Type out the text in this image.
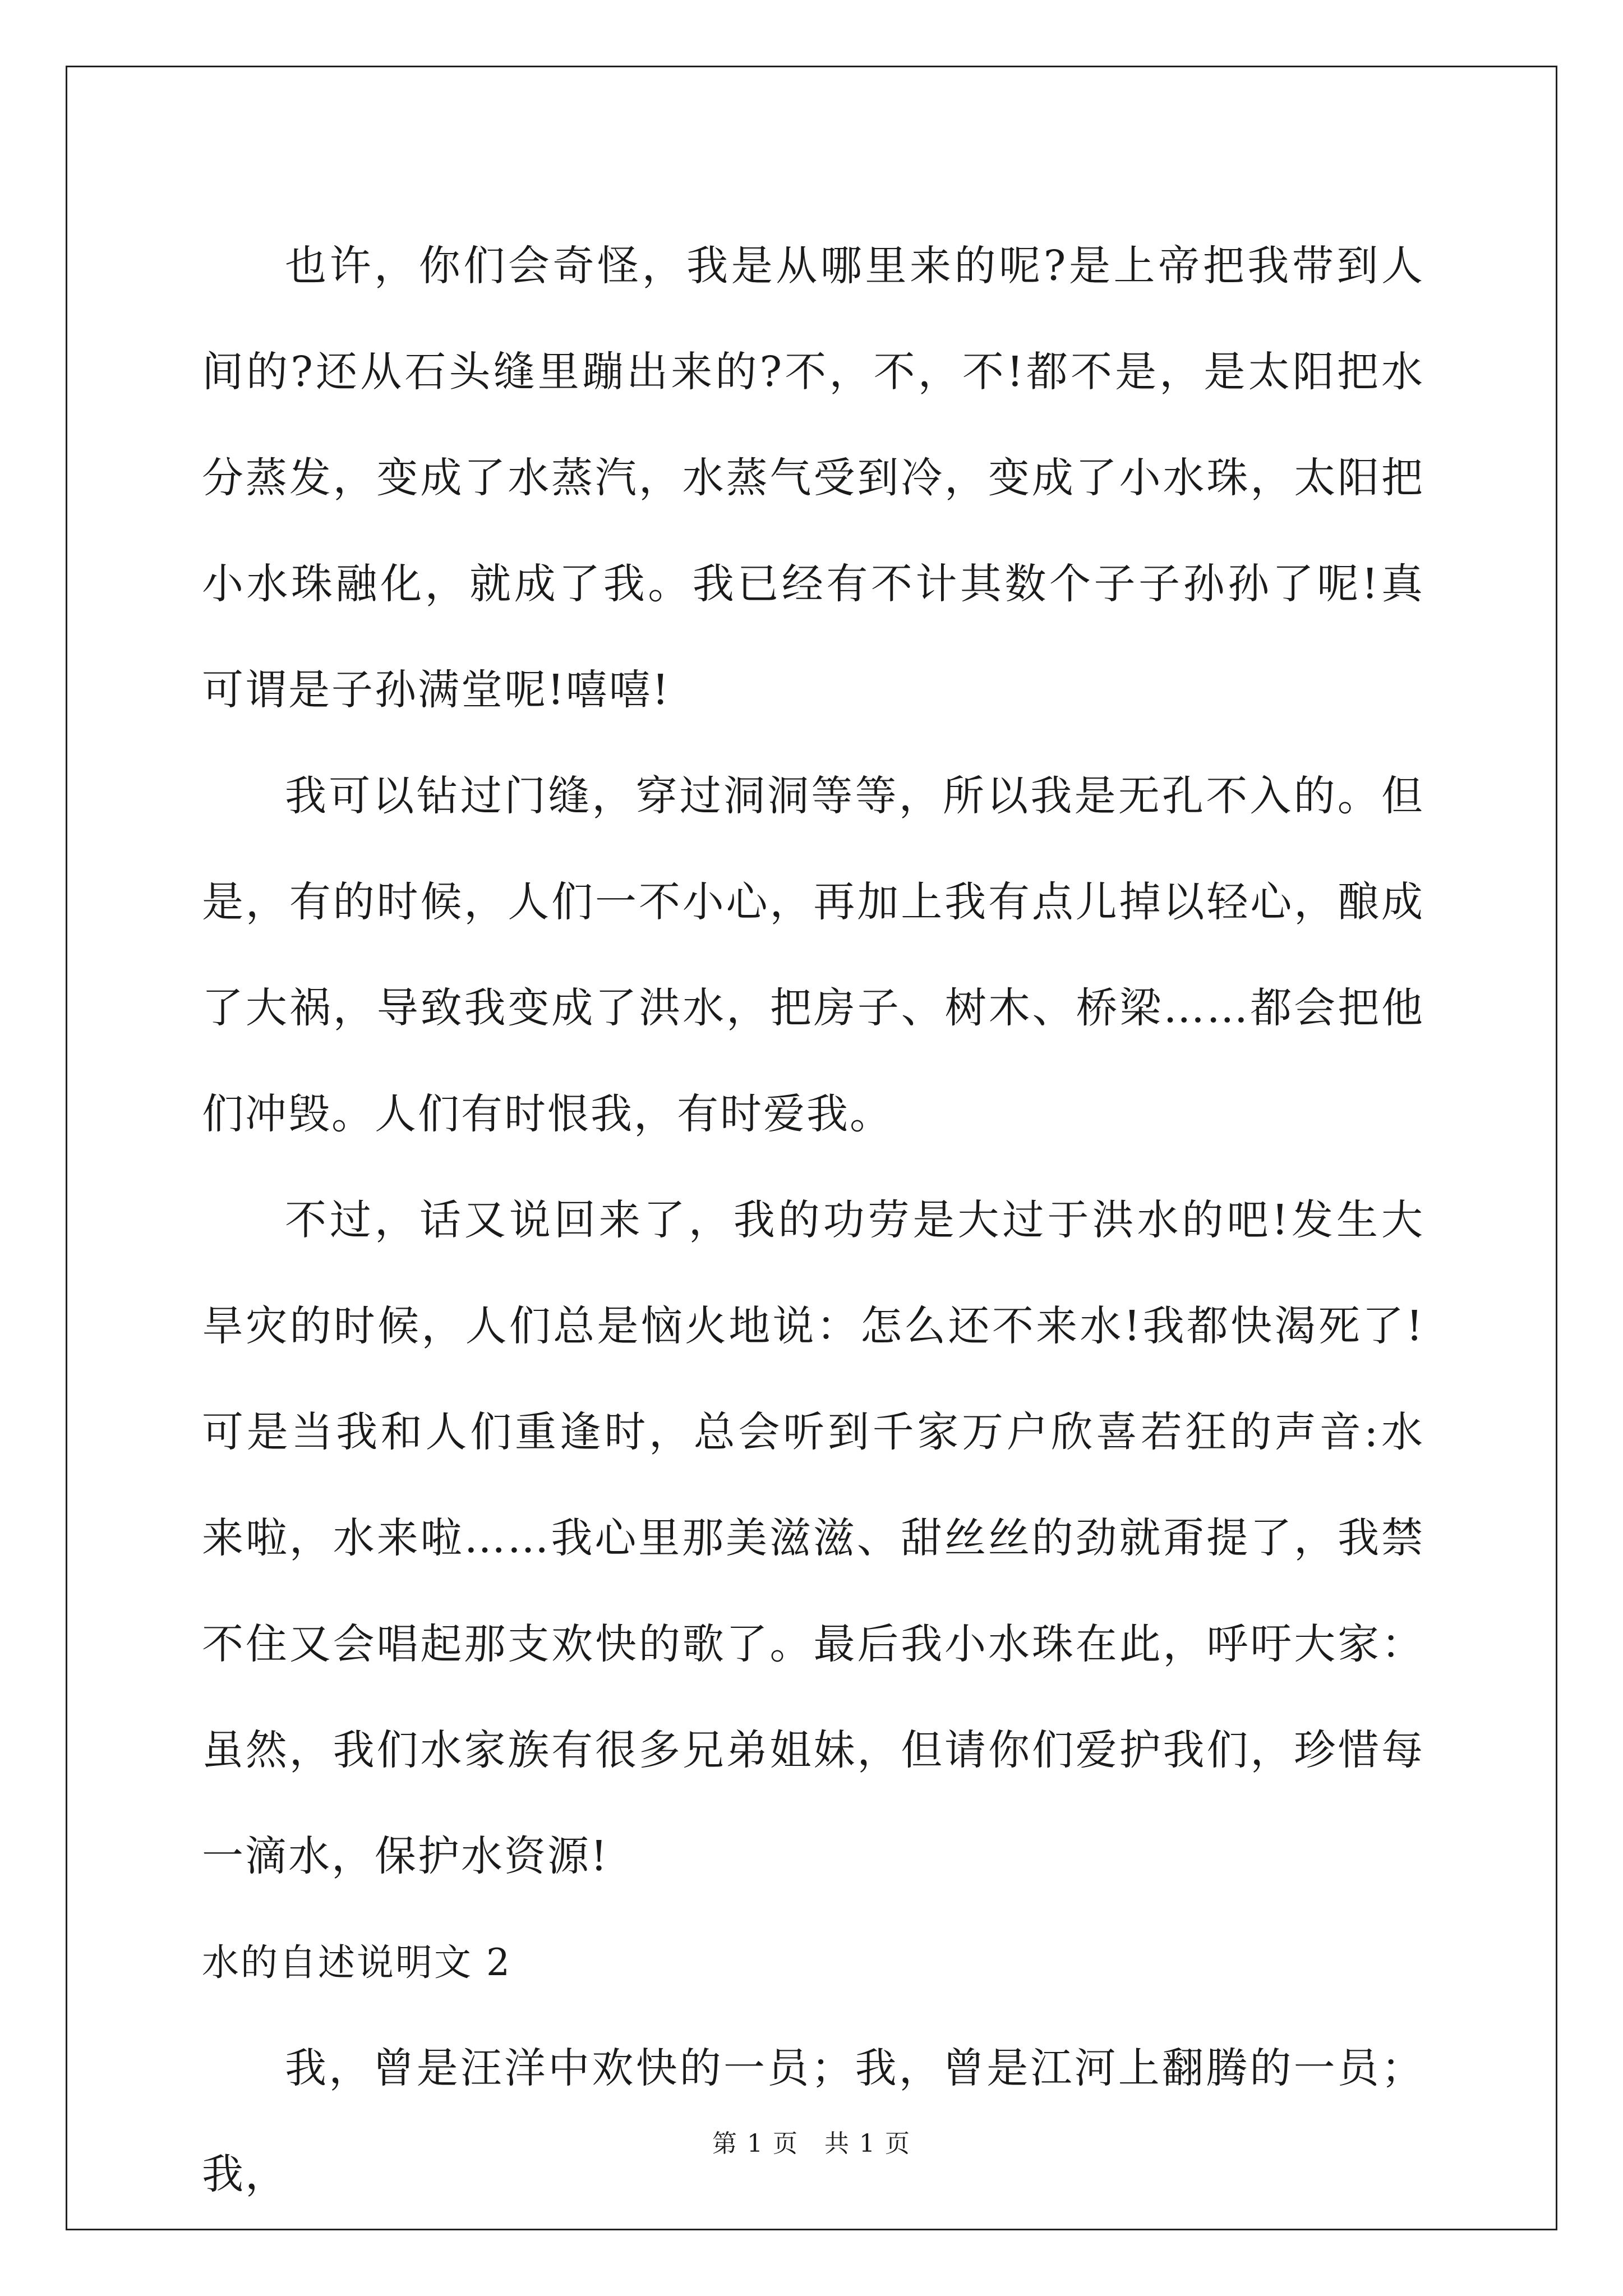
也许，你们会奇怪，我是从哪里来的呢?是上帝把我带到人间的?还从石头缝里蹦出来的?不，不，不!都不是，是太阳把水分蒸发，变成了水蒸汽，水蒸气受到冷，变成了小水珠，太阳把小水珠融化，就成了我。我已经有不计其数个子子孙孙了呢!真可谓是子孙满堂呢!嘻嘻!

我可以钻过门缝，穿过洞洞等等，所以我是无孔不入的。但是，有的时候，人们一不小心，再加上我有点儿掉以轻心，酿成了大祸，导致我变成了洪水，把房子、树木、桥梁……都会把他们冲毁。人们有时恨我，有时爱我。

不过，话又说回来了，我的功劳是大过于洪水的吧!发生大旱灾的时候，人们总是恼火地说：怎么还不来水!我都快渴死了!可是当我和人们重逢时，总会听到千家万户欣喜若狂的声音:水来啦，水来啦……我心里那美滋滋、甜丝丝的劲就甭提了，我禁不住又会唱起那支欢快的歌了。最后我小水珠在此，呼吁大家：虽然，我们水家族有很多兄弟姐妹，但请你们爱护我们，珍惜每一滴水，保护水资源!

水的自述说明文 2

我，曾是汪洋中欢快的一员；我，曾是江河上翻腾的一员；我，

第 1 页　共 1 页
